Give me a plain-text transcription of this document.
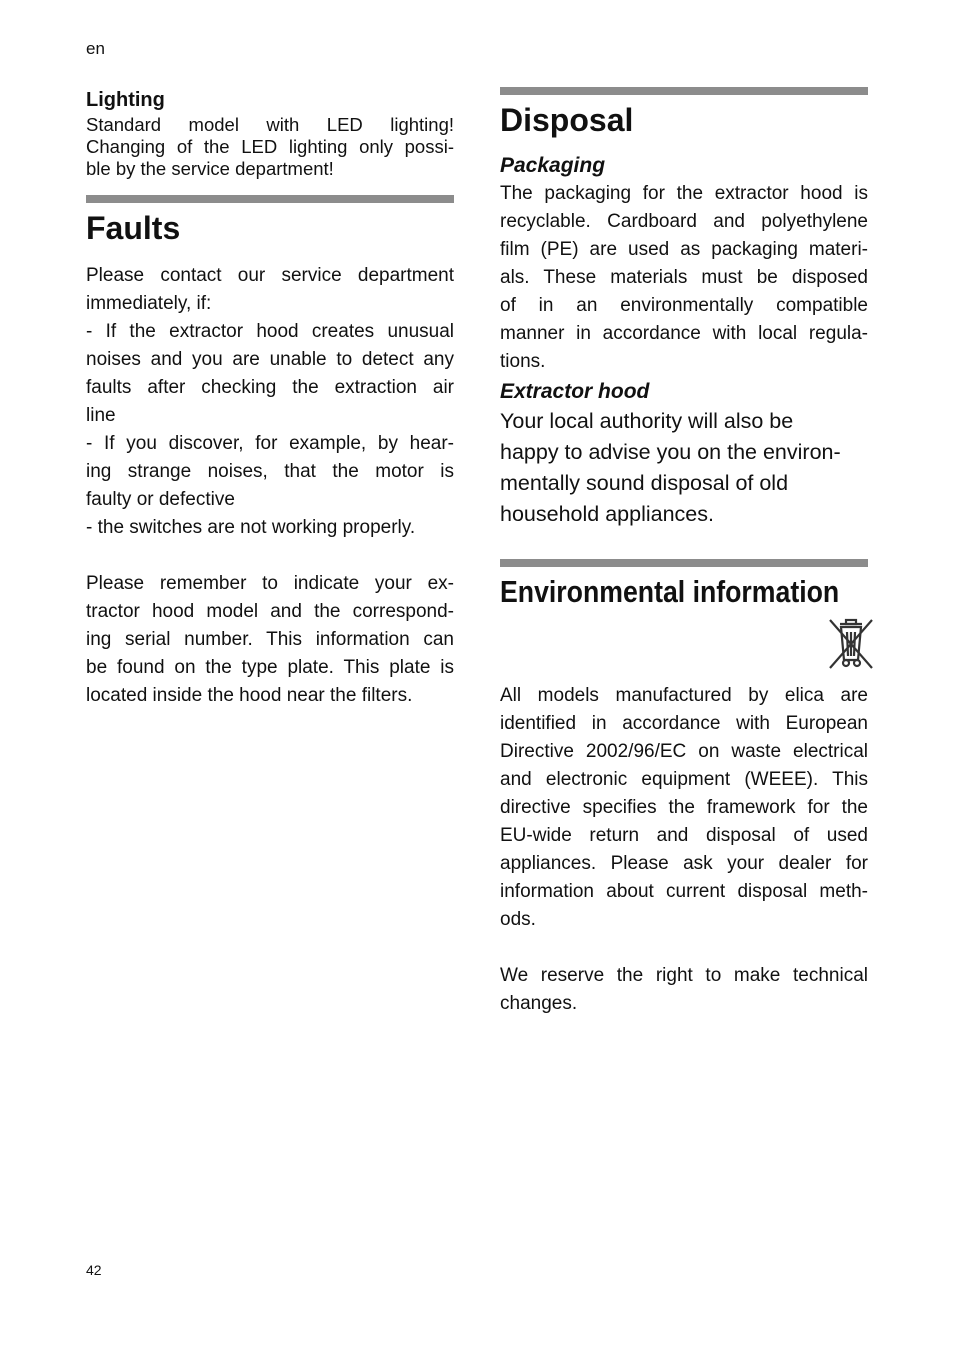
en
Lighting
Standard model with LED lighting!
Changing of the LED lighting only possi-
ble by the service department!
Faults
Please contact our service department
immediately, if:
- If the extractor hood creates unusual
noises and you are unable to detect any
faults after checking the extraction air
line
- If you discover, for example, by hear-
ing strange noises, that the motor is
faulty or defective
- the switches are not working properly.
Please remember to indicate your ex-
tractor hood model and the correspond-
ing serial number. This information can
be found on the type plate. This plate is
located inside the hood near the filters.
Disposal
Packaging
The packaging for the extractor hood is
recyclable. Cardboard and polyethylene
film (PE) are used as packaging materi-
als. These materials must be disposed
of in an environmentally compatible
manner in accordance with local regula-
tions.
Extractor hood
Your local authority will also be
happy to advise you on the environ-
mentally sound disposal of old
household appliances.
Environmental information
All models manufactured by elica are
identified in accordance with European
Directive 2002/96/EC on waste electrical
and electronic equipment (WEEE). This
directive specifies the framework for the
EU-wide return and disposal of used
appliances. Please ask your dealer for
information about current disposal meth-
ods.
We reserve the right to make technical
changes.
42
